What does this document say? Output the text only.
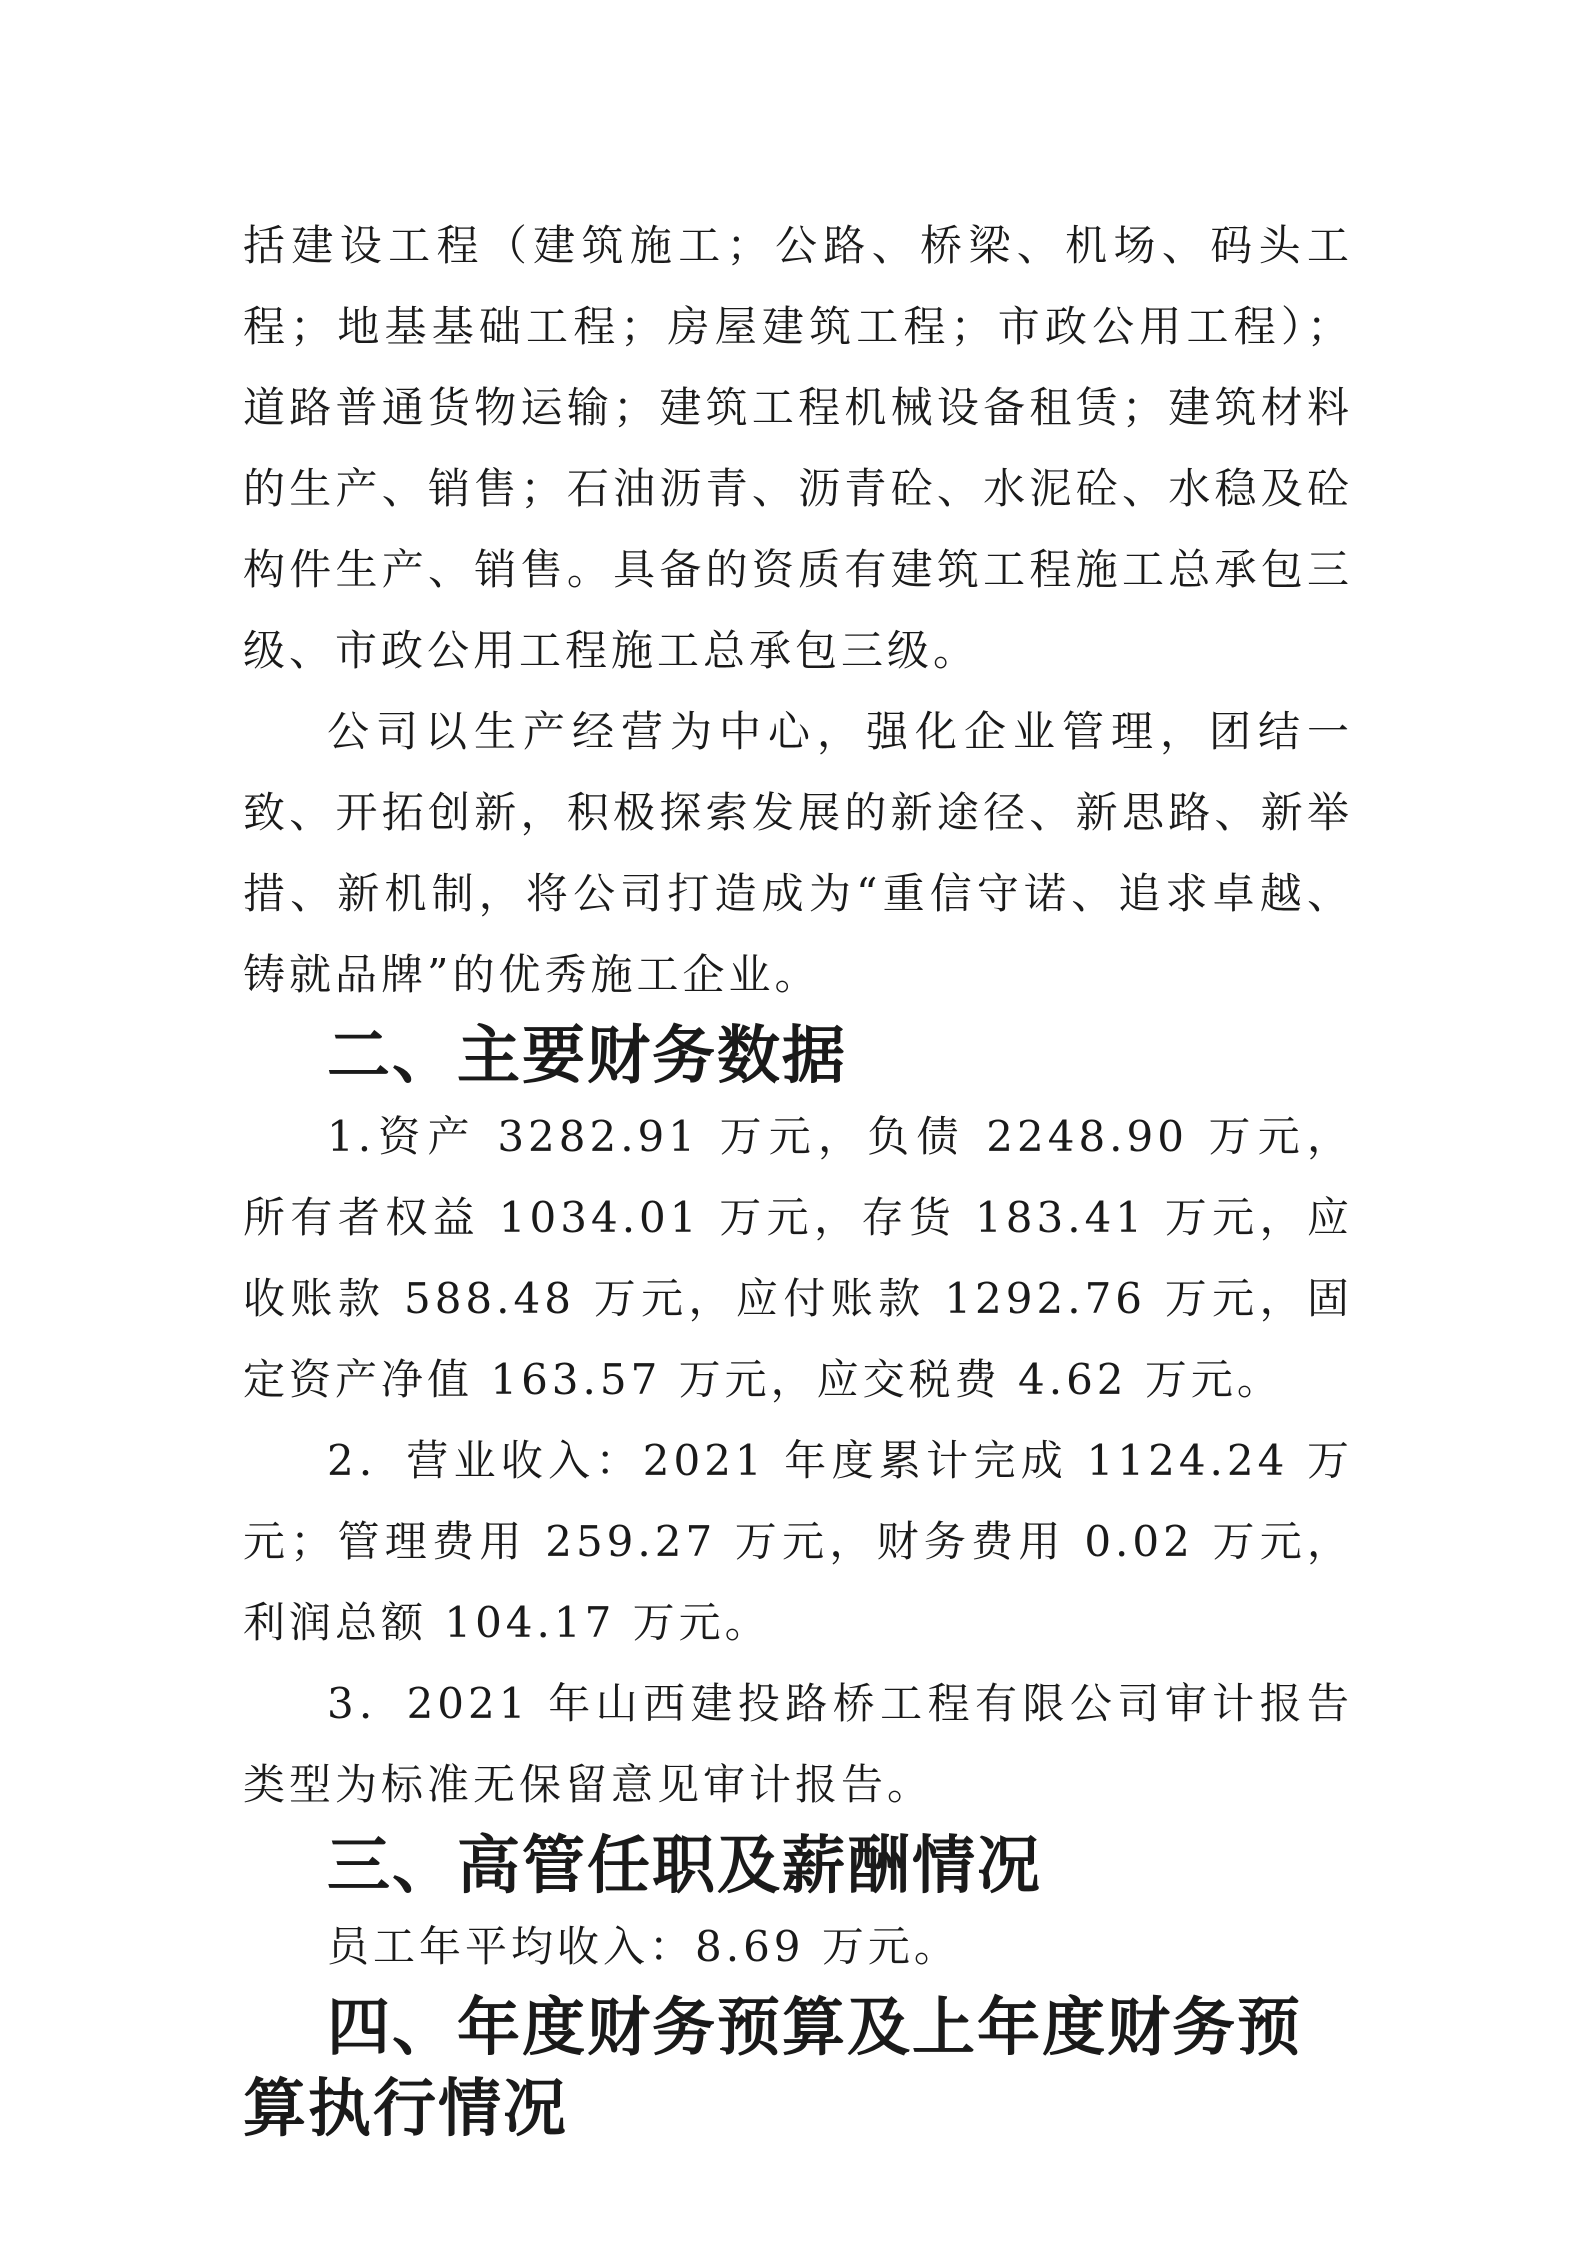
括建设工程（建筑施工；公路、桥梁、机场、码头工程；地基基础工程；房屋建筑工程；市政公用工程）；道路普通货物运输；建筑工程机械设备租赁；建筑材料的生产、销售；石油沥青、沥青砼、水泥砼、水稳及砼构件生产、销售。具备的资质有建筑工程施工总承包三级、市政公用工程施工总承包三级。

公司以生产经营为中心，强化企业管理，团结一致、开拓创新，积极探索发展的新途径、新思路、新举措、新机制，将公司打造成为“重信守诺、追求卓越、铸就品牌”的优秀施工企业。

二、主要财务数据

1.资产 3282.91 万元，负债 2248.90 万元，所有者权益 1034.01 万元，存货 183.41 万元，应收账款 588.48 万元，应付账款 1292.76 万元，固定资产净值 163.57 万元，应交税费 4.62 万元。

2．营业收入：2021 年度累计完成 1124.24 万元；管理费用 259.27 万元，财务费用 0.02 万元，利润总额 104.17 万元。

3．2021 年山西建投路桥工程有限公司审计报告类型为标准无保留意见审计报告。

三、高管任职及薪酬情况

员工年平均收入：8.69 万元。

四、年度财务预算及上年度财务预算执行情况
